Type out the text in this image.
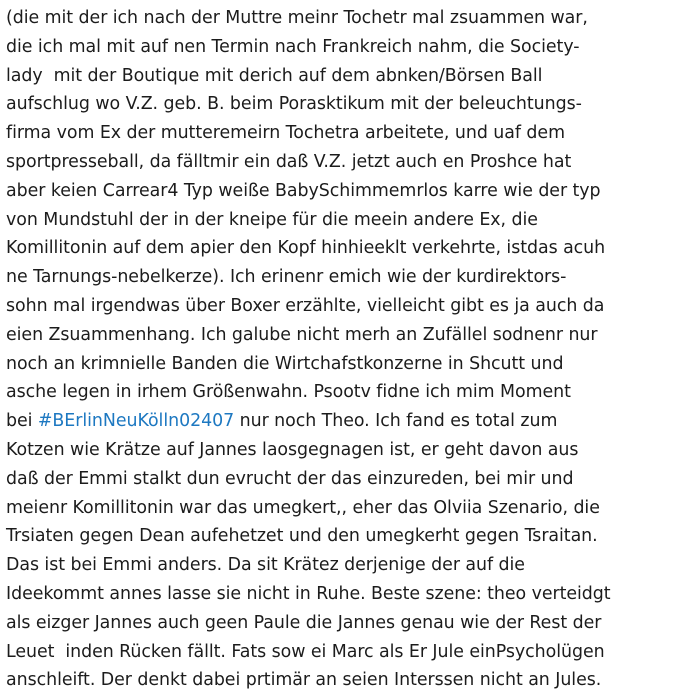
(die mit der ich nach der Muttre meinr Tochetr mal zsuammen war,
die ich mal mit auf nen Termin nach Frankreich nahm, die Society-
lady  mit der Boutique mit derich auf dem abnken/Börsen Ball
aufschlug wo V.Z. geb. B. beim Porasktikum mit der beleuchtungs-
firma vom Ex der mutteremeirn Tochetra arbeitete, und uaf dem
sportpresseball, da fälltmir ein daß V.Z. jetzt auch en Proshce hat
aber keien Carrear4 Typ weiße BabySchimmemrlos karre wie der typ
von Mundstuhl der in der kneipe für die meein andere Ex, die
Komillitonin auf dem apier den Kopf hinhieeklt verkehrte, istdas acuh
ne Tarnungs-nebelkerze). Ich erinenr emich wie der kurdirektors-
sohn mal irgendwas über Boxer erzählte, vielleicht gibt es ja auch da
eien Zsuammenhang. Ich galube nicht merh an Zufällel sodnenr nur
noch an krimnielle Banden die Wirtchafstkonzerne in Shcutt und
asche legen in irhem Größenwahn. Psootv fidne ich mim Moment
bei #BErlinNeuKölln02407 nur noch Theo. Ich fand es total zum
Kotzen wie Krätze auf Jannes laosgegnagen ist, er geht davon aus
daß der Emmi stalkt dun evrucht der das einzureden, bei mir und
meienr Komillitonin war das umegkert,, eher das Olviia Szenario, die
Trsiaten gegen Dean aufehetzet und den umegkerht gegen Tsraitan.
Das ist bei Emmi anders. Da sit Krätez derjenige der auf die
Ideekommt annes lasse sie nicht in Ruhe. Beste szene: theo verteidgt
als eizger Jannes auch geen Paule die Jannes genau wie der Rest der
Leuet  inden Rücken fällt. Fats sow ei Marc als Er Jule einPsycholügen
anschleift. Der denkt dabei prtimär an seien Interssen nicht an Jules.
